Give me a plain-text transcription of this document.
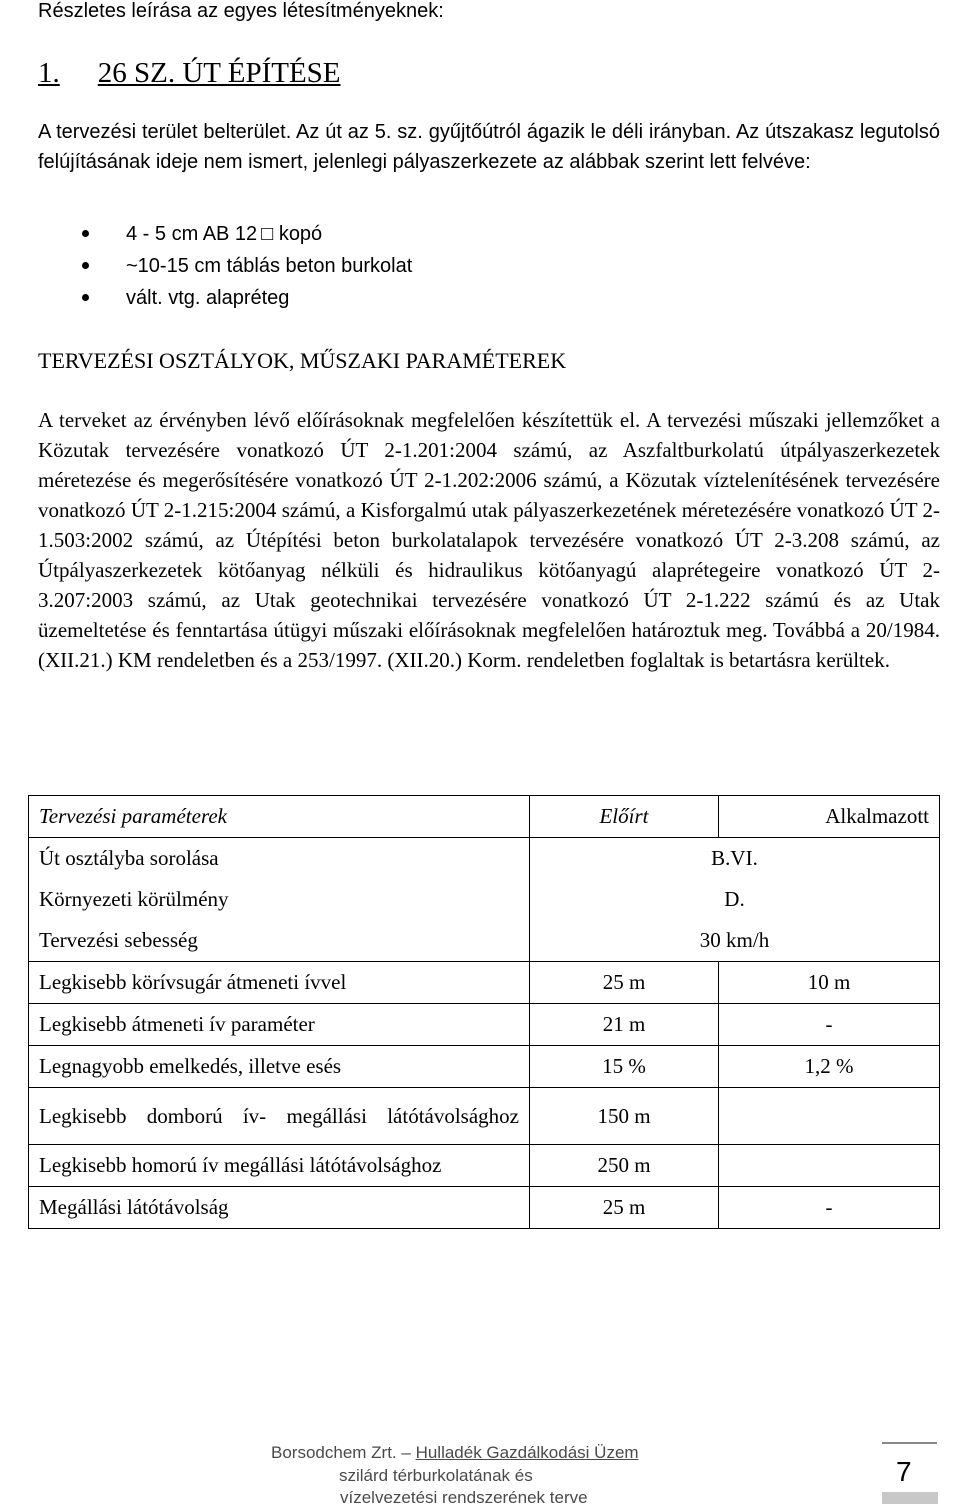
Részletes leírása az egyes létesítményeknek:
1. 26 SZ. ÚT ÉPÍTÉSE
A tervezési terület belterület. Az út az 5. sz. gyűjtőútról ágazik le déli irányban. Az útszakasz legutolsó felújításának ideje nem ismert, jelenlegi pályaszerkezete az alábbak szerint lett felvéve:
4 - 5 cm AB 12 □ kopó
~10-15 cm táblás beton burkolat
vált. vtg. alapréteg
TERVEZÉSI OSZTÁLYOK, MŰSZAKI PARAMÉTEREK
A terveket az érvényben lévő előírásoknak megfelelően készítettük el. A tervezési műszaki jellemzőket a Közutak tervezésére vonatkozó ÚT 2-1.201:2004 számú, az Aszfaltburkolatú útpályaszerkezetek méretezése és megerősítésére vonatkozó ÚT 2-1.202:2006 számú, a Közutak víztelenítésének tervezésére vonatkozó ÚT 2-1.215:2004 számú, a Kisforgalmú utak pályaszerkezetének méretezésére vonatkozó ÚT 2-1.503:2002 számú, az Útépítési beton burkolatalapok tervezésére vonatkozó ÚT 2-3.208 számú, az Útpályaszerkezetek kötőanyag nélküli és hidraulikus kötőanyagú alaprétegeire vonatkozó ÚT 2-3.207:2003 számú, az Utak geotechnikai tervezésére vonatkozó ÚT 2-1.222 számú és az Utak üzemeltetése és fenntartása útügyi műszaki előírásoknak megfelelően határoztuk meg. Továbbá a 20/1984. (XII.21.) KM rendeletben és a 253/1997. (XII.20.) Korm. rendeletben foglaltak is betartásra kerültek.
Tervezési paraméterek	Előírt	Alkalmazott
Út osztályba sorolása	B.VI.	
Környezeti körülmény	D.	
Tervezési sebesség	30 km/h	
Legkisebb körívsugár átmeneti ívvel	25 m	10 m
Legkisebb átmeneti ív paraméter	21 m	-
Legnagyobb emelkedés, illetve esés	15 %	1,2 %
Legkisebb domború ív- megállási látótávolsághoz	150 m	
Legkisebb homorú ív megállási látótávolsághoz	250 m	
Megállási látótávolság	25 m	-
Borsodchem Zrt. – Hulladék Gazdálkodási Üzem
szilárd térburkolatának és
vízelvezetési rendszerének terve
7
